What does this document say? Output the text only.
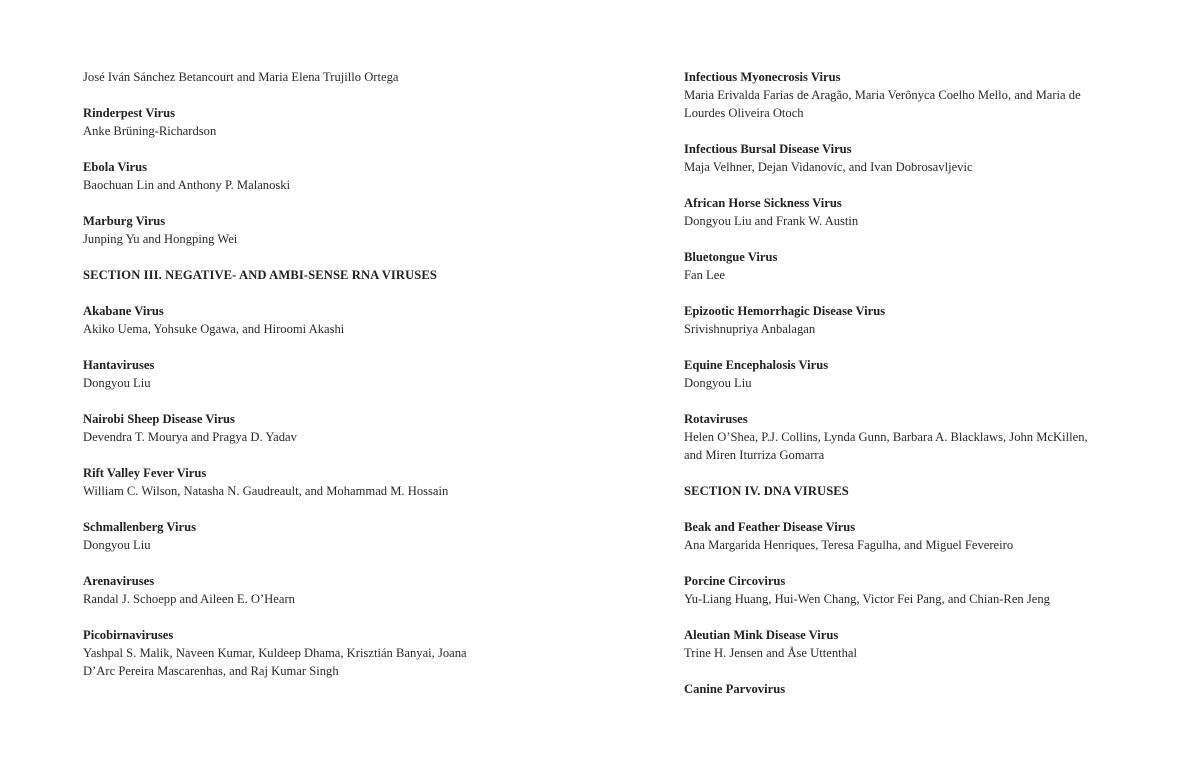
José Iván Sánchez Betancourt and Maria Elena Trujillo Ortega
Rinderpest Virus
Anke Brüning-Richardson
Ebola Virus
Baochuan Lin and Anthony P. Malanoski
Marburg Virus
Junping Yu and Hongping Wei
SECTION III. NEGATIVE- AND AMBI-SENSE RNA VIRUSES
Akabane Virus
Akiko Uema, Yohsuke Ogawa, and Hiroomi Akashi
Hantaviruses
Dongyou Liu
Nairobi Sheep Disease Virus
Devendra T. Mourya and Pragya D. Yadav
Rift Valley Fever Virus
William C. Wilson, Natasha N. Gaudreault, and Mohammad M. Hossain
Schmallenberg Virus
Dongyou Liu
Arenaviruses
Randal J. Schoepp and Aileen E. O’Hearn
Picobirnaviruses
Yashpal S. Malik, Naveen Kumar, Kuldeep Dhama, Krisztián Banyai, Joana
D’Arc Pereira Mascarenhas, and Raj Kumar Singh
Infectious Myonecrosis Virus
Maria Erivalda Farias de Aragão, Maria Verônyca Coelho Mello, and Maria de
Lourdes Oliveira Otoch
Infectious Bursal Disease Virus
Maja Velhner, Dejan Vidanovic, and Ivan Dobrosavljevic
African Horse Sickness Virus
Dongyou Liu and Frank W. Austin
Bluetongue Virus
Fan Lee
Epizootic Hemorrhagic Disease Virus
Srivishnupriya Anbalagan
Equine Encephalosis Virus
Dongyou Liu
Rotaviruses
Helen O’Shea, P.J. Collins, Lynda Gunn, Barbara A. Blacklaws, John McKillen,
and Miren Iturriza Gomarra
SECTION IV. DNA VIRUSES
Beak and Feather Disease Virus
Ana Margarida Henriques, Teresa Fagulha, and Miguel Fevereiro
Porcine Circovirus
Yu-Liang Huang, Hui-Wen Chang, Victor Fei Pang, and Chian-Ren Jeng
Aleutian Mink Disease Virus
Trine H. Jensen and Åse Uttenthal
Canine Parvovirus
